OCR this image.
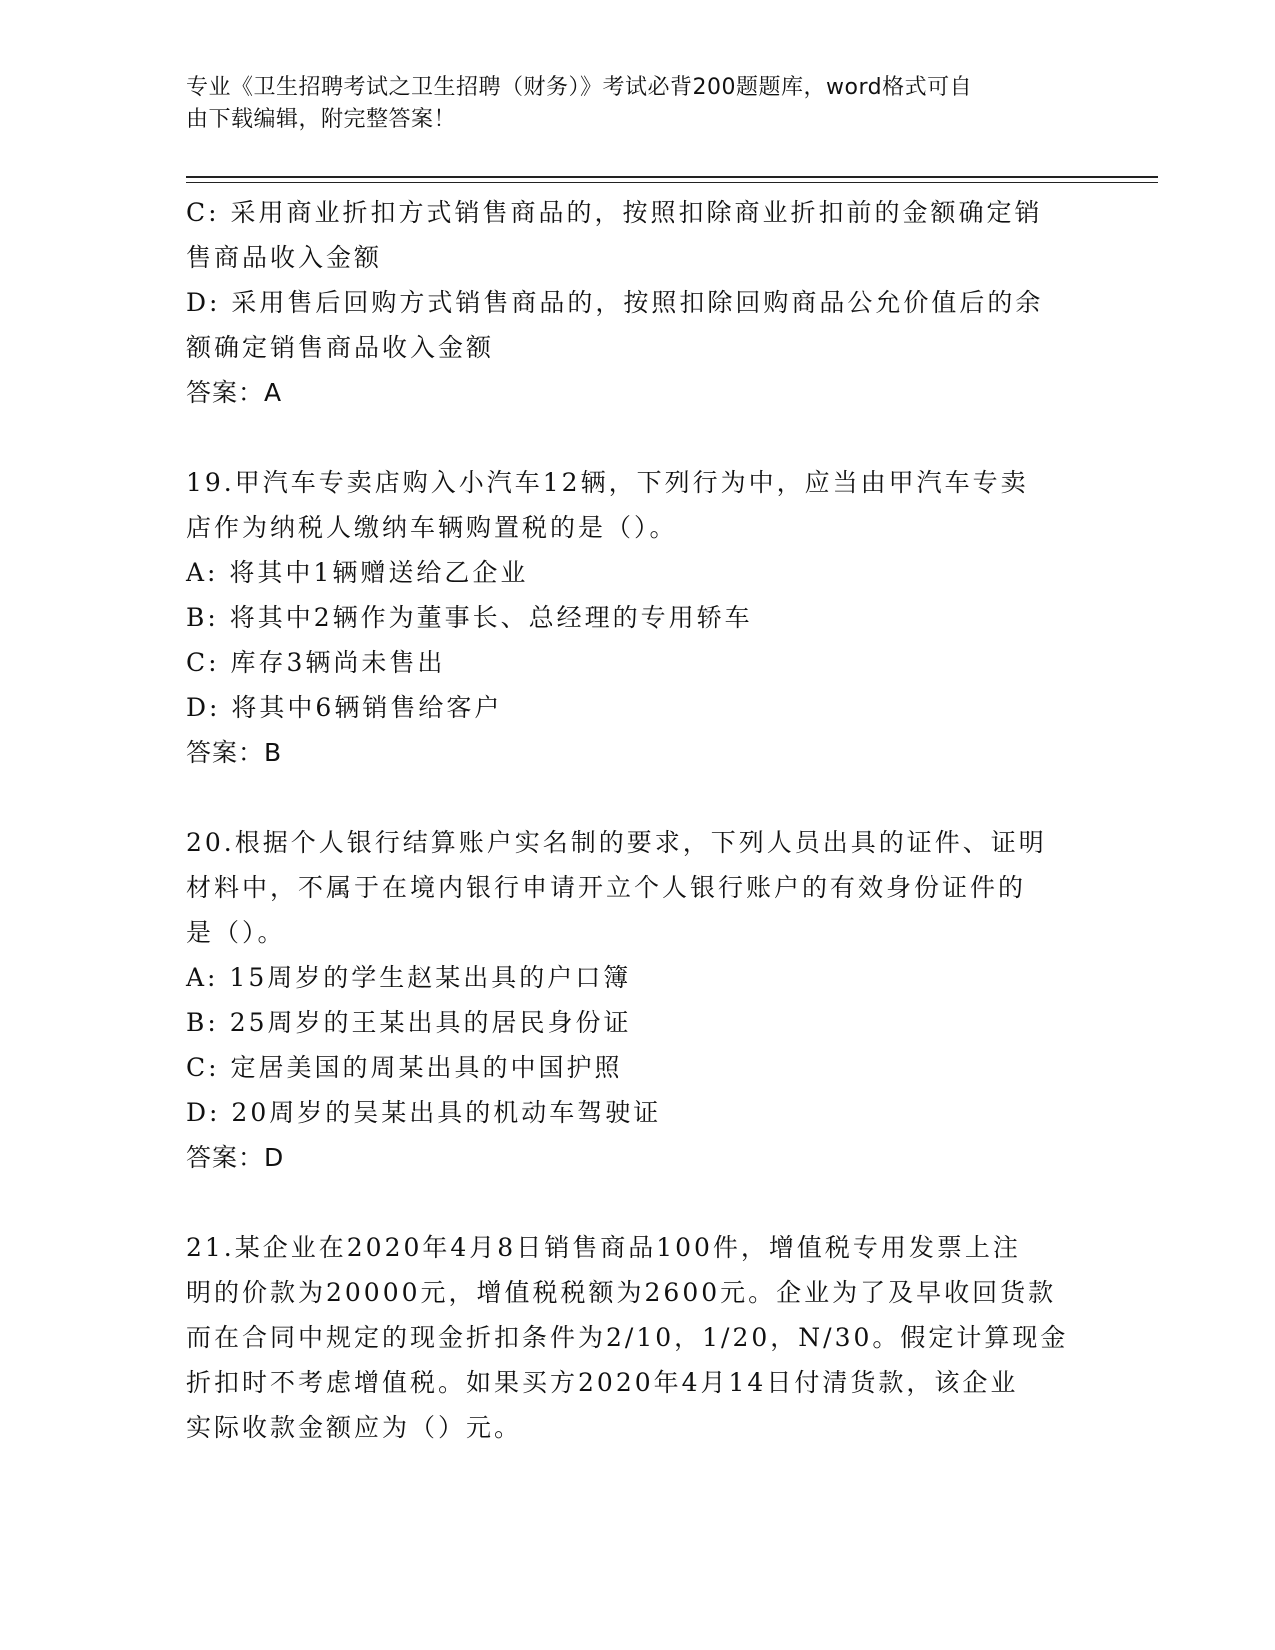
专业《卫生招聘考试之卫生招聘（财务）》考试必背200题题库，word格式可自
由下载编辑，附完整答案！
C: 采用商业折扣方式销售商品的，按照扣除商业折扣前的金额确定销
售商品收入金额
D: 采用售后回购方式销售商品的，按照扣除回购商品公允价值后的余
额确定销售商品收入金额
答案：A
19.甲汽车专卖店购入小汽车12辆，下列行为中，应当由甲汽车专卖
店作为纳税人缴纳车辆购置税的是（）。
A: 将其中1辆赠送给乙企业
B: 将其中2辆作为董事长、总经理的专用轿车
C: 库存3辆尚未售出
D: 将其中6辆销售给客户
答案：B
20.根据个人银行结算账户实名制的要求，下列人员出具的证件、证明
材料中，不属于在境内银行申请开立个人银行账户的有效身份证件的
是（）。
A: 15周岁的学生赵某出具的户口簿
B: 25周岁的王某出具的居民身份证
C: 定居美国的周某出具的中国护照
D: 20周岁的吴某出具的机动车驾驶证
答案：D
21.某企业在2020年4月8日销售商品100件，增值税专用发票上注
明的价款为20000元，增值税税额为2600元。企业为了及早收回货款
而在合同中规定的现金折扣条件为2/10，1/20，N/30。假定计算现金
折扣时不考虑增值税。如果买方2020年4月14日付清货款，该企业
实际收款金额应为（）元。
